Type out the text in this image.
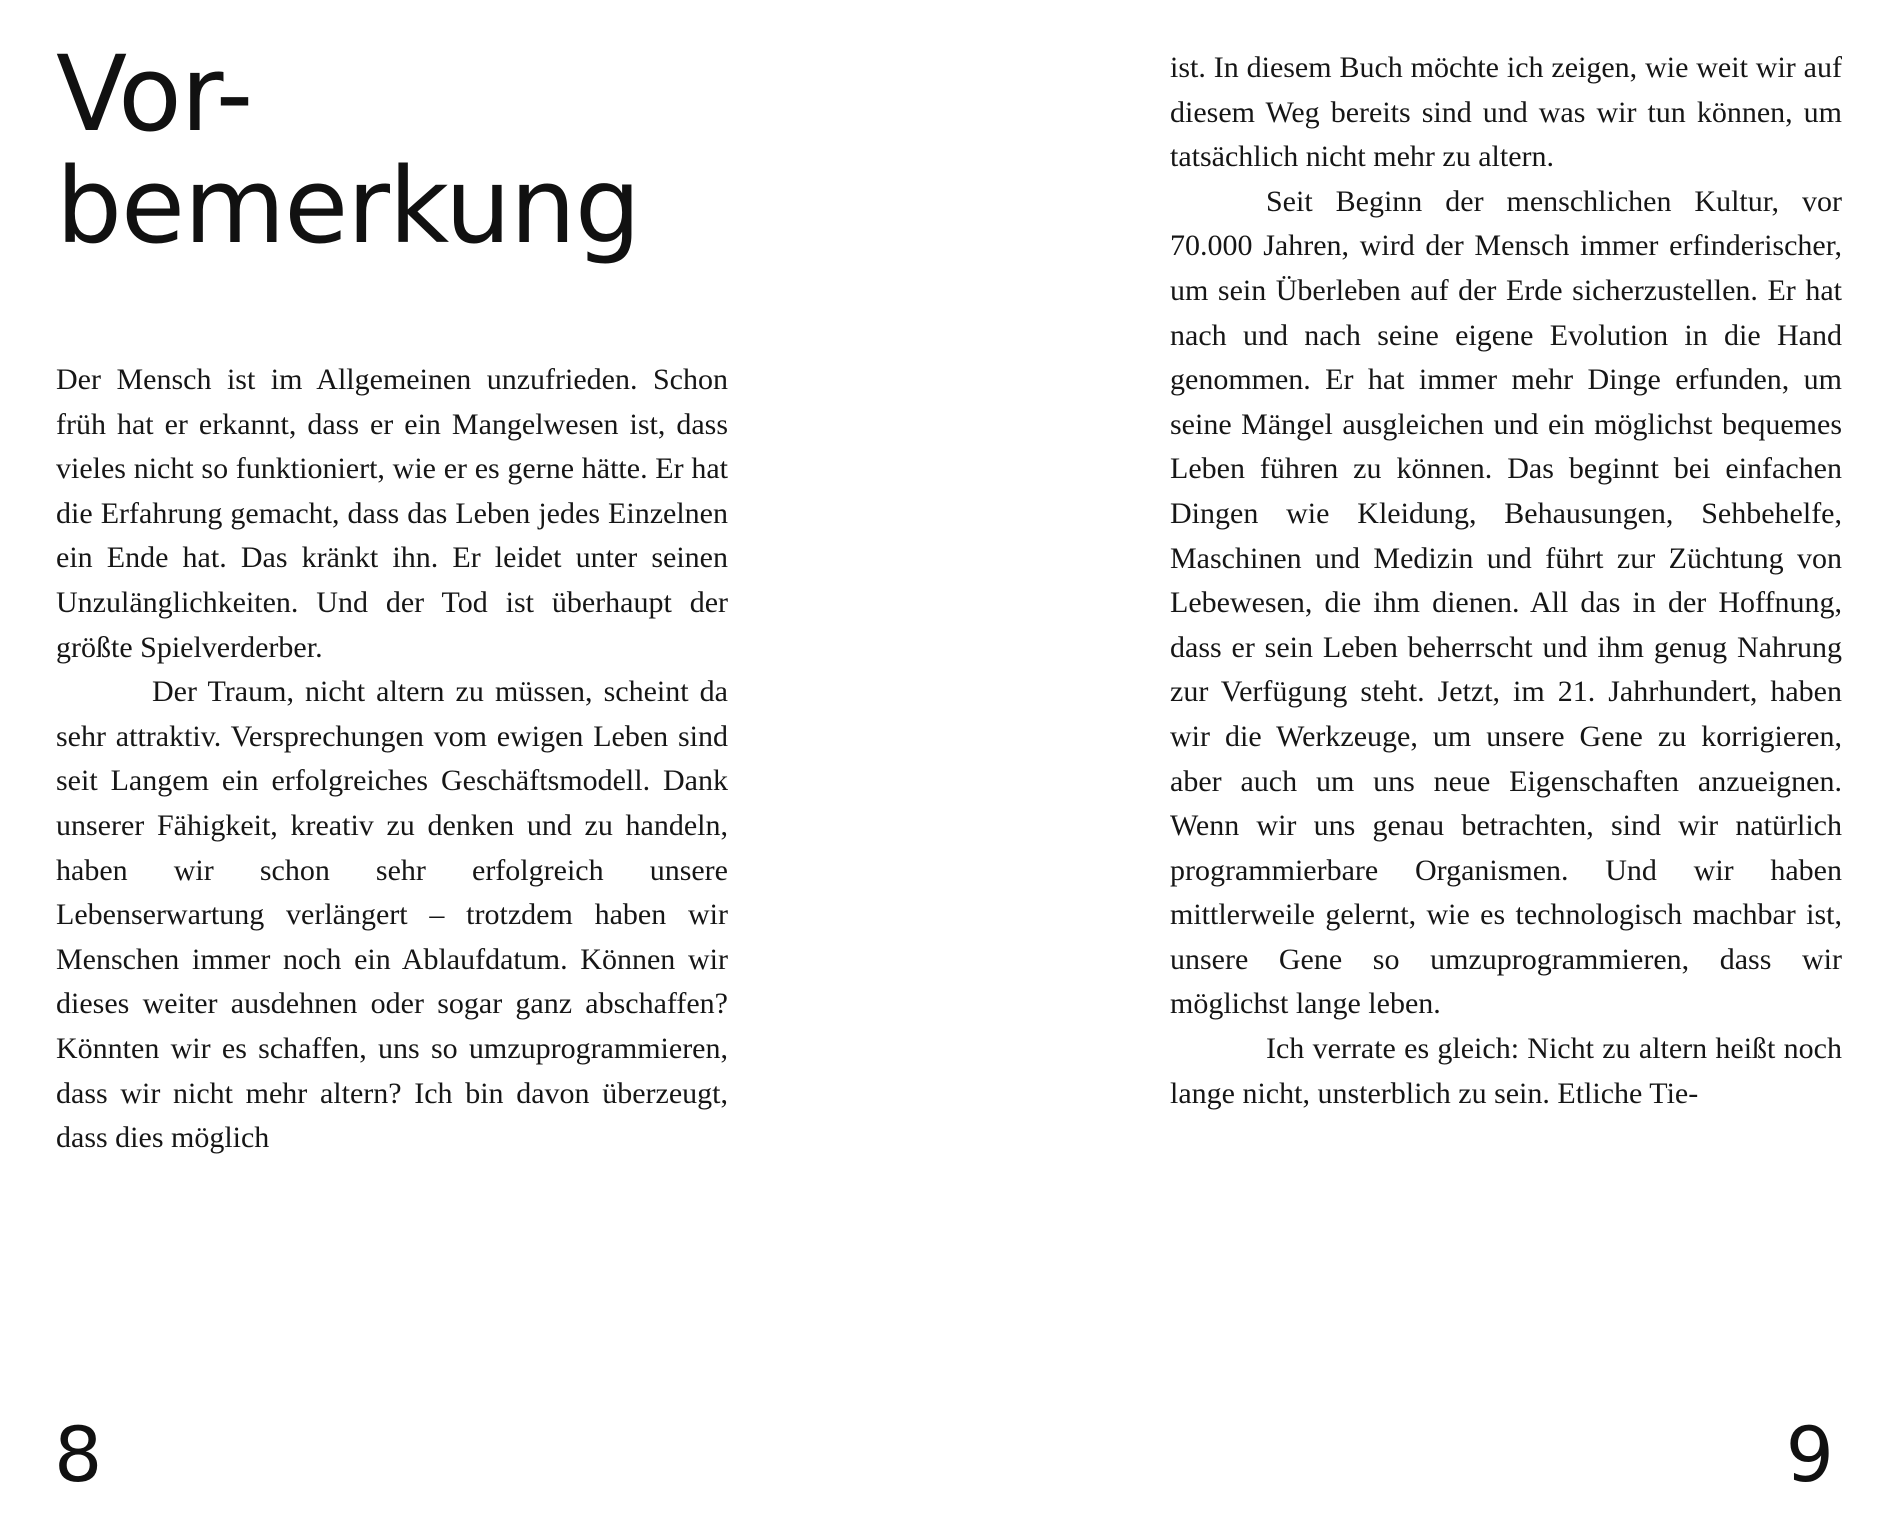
Vor-
bemerkung

Der Mensch ist im Allgemeinen unzufrieden. Schon früh hat er erkannt, dass er ein Mangelwesen ist, dass vieles nicht so funktioniert, wie er es gerne hätte. Er hat die Erfahrung gemacht, dass das Leben jedes Einzelnen ein Ende hat. Das kränkt ihn. Er leidet unter seinen Unzulänglichkeiten. Und der Tod ist überhaupt der größte Spielverderber.

Der Traum, nicht altern zu müssen, scheint da sehr attraktiv. Versprechungen vom ewigen Leben sind seit Langem ein erfolgreiches Geschäftsmodell. Dank unserer Fähigkeit, kreativ zu denken und zu handeln, haben wir schon sehr erfolgreich unsere Lebenserwartung verlängert – trotzdem haben wir Menschen immer noch ein Ablaufdatum. Können wir dieses weiter ausdehnen oder sogar ganz abschaffen? Könnten wir es schaffen, uns so umzuprogrammieren, dass wir nicht mehr altern? Ich bin davon überzeugt, dass dies möglich

8

ist. In diesem Buch möchte ich zeigen, wie weit wir auf diesem Weg bereits sind und was wir tun können, um tatsächlich nicht mehr zu altern.

Seit Beginn der menschlichen Kultur, vor 70.000 Jahren, wird der Mensch immer erfinderischer, um sein Überleben auf der Erde sicherzustellen. Er hat nach und nach seine eigene Evolution in die Hand genommen. Er hat immer mehr Dinge erfunden, um seine Mängel ausgleichen und ein möglichst bequemes Leben führen zu können. Das beginnt bei einfachen Dingen wie Kleidung, Behausungen, Sehbehelfe, Maschinen und Medizin und führt zur Züchtung von Lebewesen, die ihm dienen. All das in der Hoffnung, dass er sein Leben beherrscht und ihm genug Nahrung zur Verfügung steht. Jetzt, im 21. Jahrhundert, haben wir die Werkzeuge, um unsere Gene zu korrigieren, aber auch um uns neue Eigenschaften anzueignen. Wenn wir uns genau betrachten, sind wir natürlich programmierbare Organismen. Und wir haben mittlerweile gelernt, wie es technologisch machbar ist, unsere Gene so umzuprogrammieren, dass wir möglichst lange leben.

Ich verrate es gleich: Nicht zu altern heißt noch lange nicht, unsterblich zu sein. Etliche Tie-

9
